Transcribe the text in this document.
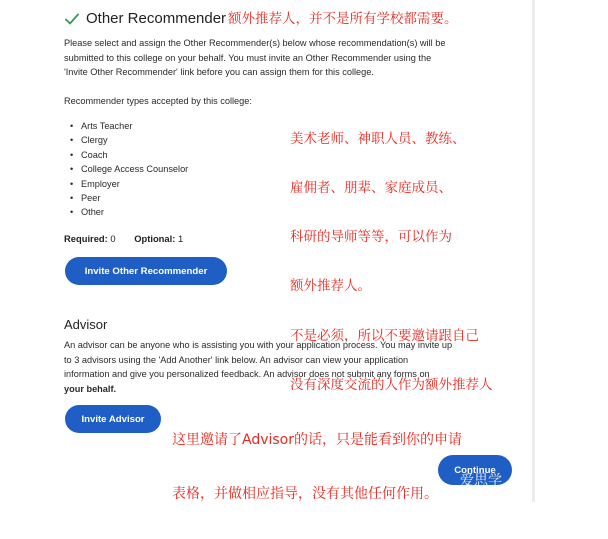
Other Recommender 额外推荐人，并不是所有学校都需要。
Please select and assign the Other Recommender(s) below whose recommendation(s) will be
submitted to this college on your behalf. You must invite an Other Recommender using the
'Invite Other Recommender' link before you can assign them for this college.
Recommender types accepted by this college:
• Arts Teacher
• Clergy
• Coach
• College Access Counselor
• Employer
• Peer
• Other

美术老师、神职人员、教练、

雇佣者、朋辈、家庭成员、

科研的导师等等，可以作为

额外推荐人。

不是必须，所以不要邀请跟自己

没有深度交流的人作为额外推荐人

Required: 0 Optional: 1
Invite Other Recommender
Advisor
An advisor can be anyone who is assisting you with your application process. You may invite up
to 3 advisors using the 'Add Another' link below. An advisor can view your application
information and give you personalized feedback. An advisor does not submit any forms on
your behalf.

这里邀请了Advisor的话，只是能看到你的申请

表格，并做相应指导，没有其他任何作用。

Invite Advisor
Continue
爱思学
